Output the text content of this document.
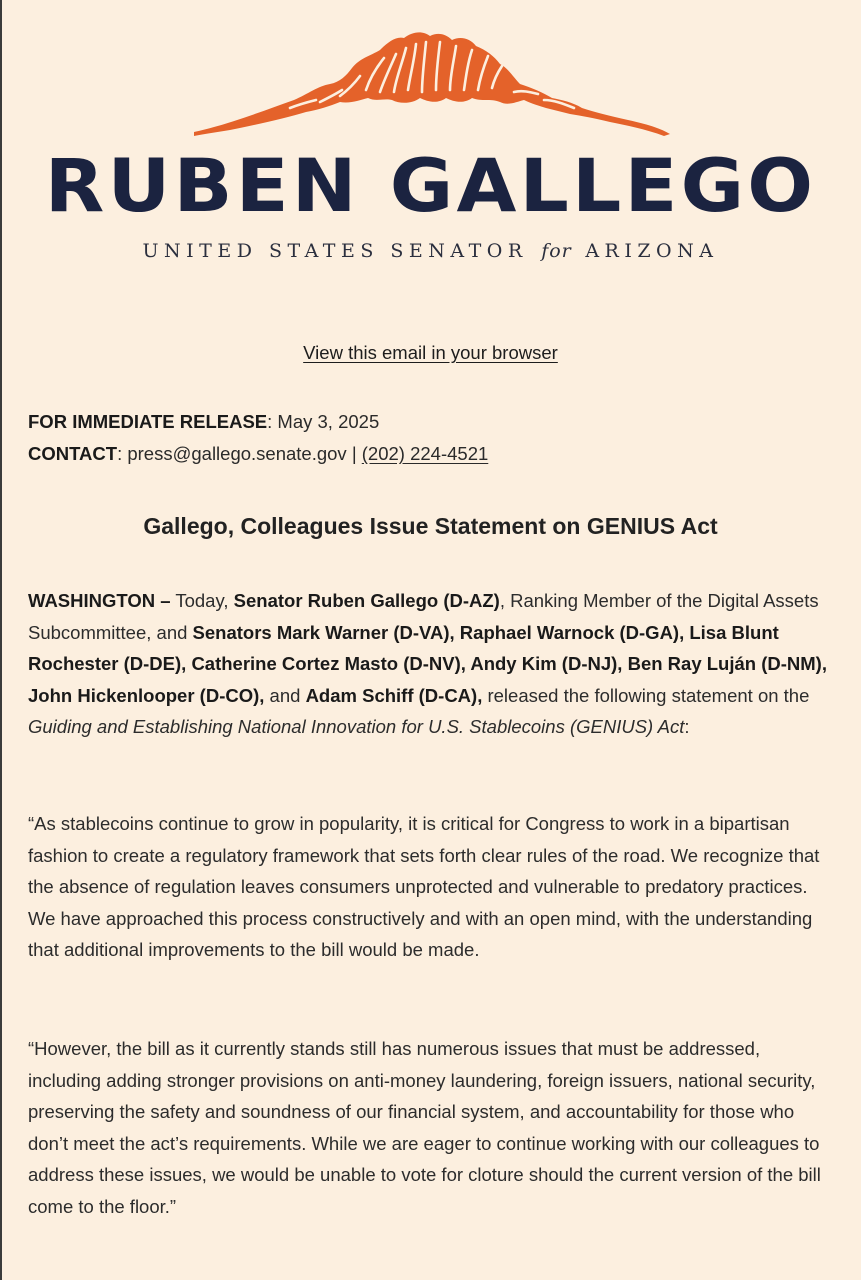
RUBEN GALLEGO
UNITED STATES SENATOR for ARIZONA
View this email in your browser
FOR IMMEDIATE RELEASE: May 3, 2025
CONTACT: press@gallego.senate.gov | (202) 224-4521
Gallego, Colleagues Issue Statement on GENIUS Act

WASHINGTON – Today, Senator Ruben Gallego (D-AZ), Ranking Member of the Digital Assets Subcommittee, and Senators Mark Warner (D-VA), Raphael Warnock (D-GA), Lisa Blunt Rochester (D-DE), Catherine Cortez Masto (D-NV), Andy Kim (D-NJ), Ben Ray Luján (D-NM), John Hickenlooper (D-CO), and Adam Schiff (D-CA), released the following statement on the Guiding and Establishing National Innovation for U.S. Stablecoins (GENIUS) Act:

“As stablecoins continue to grow in popularity, it is critical for Congress to work in a bipartisan fashion to create a regulatory framework that sets forth clear rules of the road. We recognize that the absence of regulation leaves consumers unprotected and vulnerable to predatory practices. We have approached this process constructively and with an open mind, with the understanding that additional improvements to the bill would be made.

“However, the bill as it currently stands still has numerous issues that must be addressed, including adding stronger provisions on anti-money laundering, foreign issuers, national security, preserving the safety and soundness of our financial system, and accountability for those who don’t meet the act’s requirements. While we are eager to continue working with our colleagues to address these issues, we would be unable to vote for cloture should the current version of the bill come to the floor.”
